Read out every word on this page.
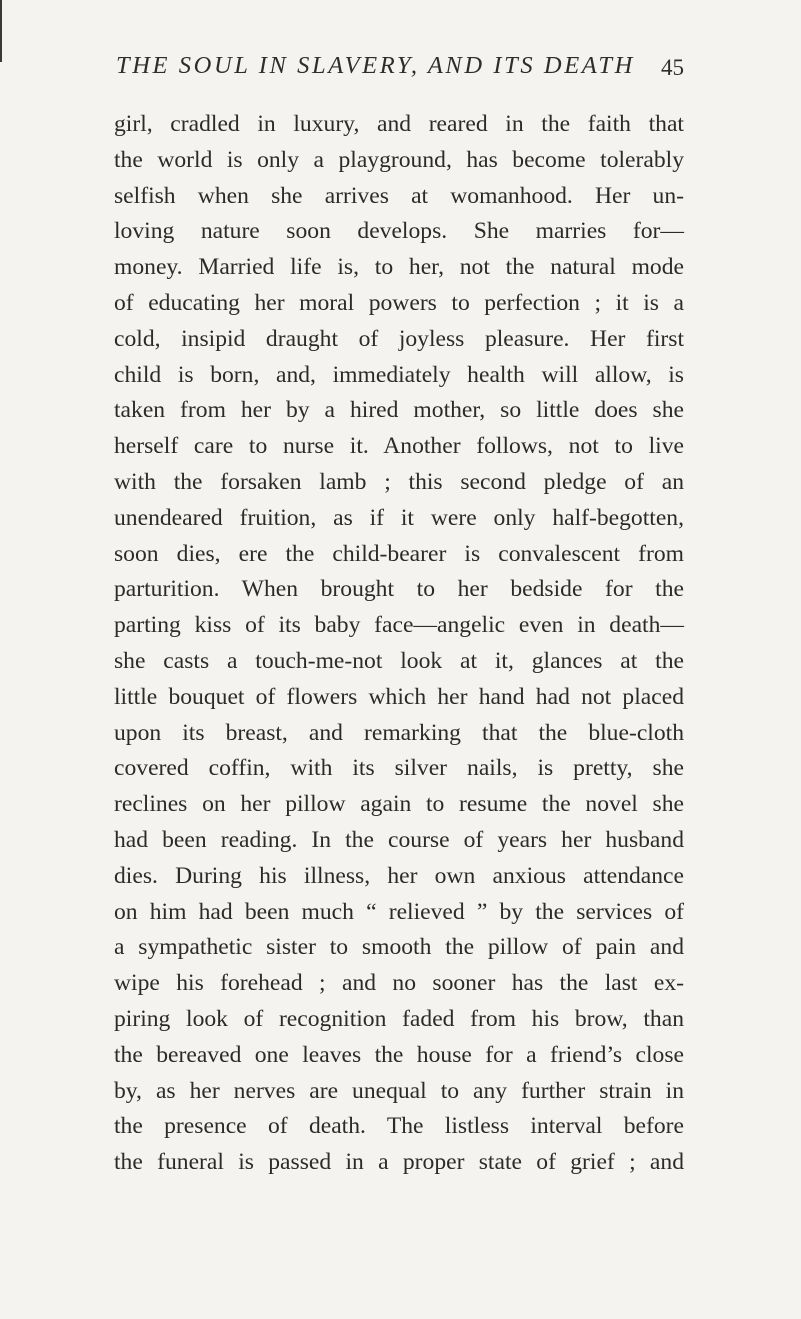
THE SOUL IN SLAVERY, AND ITS DEATH 45
girl, cradled in luxury, and reared in the faith that
the world is only a playground, has become tolerably
selfish when she arrives at womanhood. Her un-
loving nature soon develops. She marries for—
money. Married life is, to her, not the natural mode
of educating her moral powers to perfection ; it is a
cold, insipid draught of joyless pleasure. Her first
child is born, and, immediately health will allow, is
taken from her by a hired mother, so little does she
herself care to nurse it. Another follows, not to live
with the forsaken lamb ; this second pledge of an
unendeared fruition, as if it were only half-begotten,
soon dies, ere the child-bearer is convalescent from
parturition. When brought to her bedside for the
parting kiss of its baby face—angelic even in death—
she casts a touch-me-not look at it, glances at the
little bouquet of flowers which her hand had not placed
upon its breast, and remarking that the blue-cloth
covered coffin, with its silver nails, is pretty, she
reclines on her pillow again to resume the novel she
had been reading. In the course of years her husband
dies. During his illness, her own anxious attendance
on him had been much “ relieved ” by the services of
a sympathetic sister to smooth the pillow of pain and
wipe his forehead ; and no sooner has the last ex-
piring look of recognition faded from his brow, than
the bereaved one leaves the house for a friend’s close
by, as her nerves are unequal to any further strain in
the presence of death. The listless interval before
the funeral is passed in a proper state of grief ; and
